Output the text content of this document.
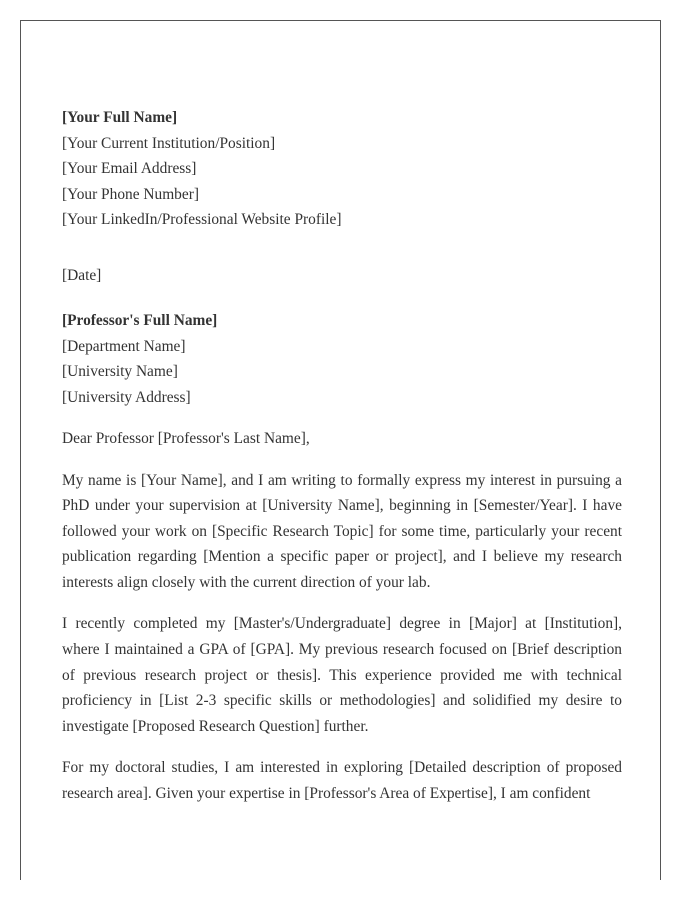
[Your Full Name]
[Your Current Institution/Position]
[Your Email Address]
[Your Phone Number]
[Your LinkedIn/Professional Website Profile]
[Date]
[Professor's Full Name]
[Department Name]
[University Name]
[University Address]

Dear Professor [Professor's Last Name],

My name is [Your Name], and I am writing to formally express my interest in pursuing a PhD under your supervision at [University Name], beginning in [Semester/Year]. I have followed your work on [Specific Research Topic] for some time, particularly your recent publication regarding [Mention a specific paper or project], and I believe my research interests align closely with the current direction of your lab.

I recently completed my [Master's/Undergraduate] degree in [Major] at [Institution], where I maintained a GPA of [GPA]. My previous research focused on [Brief description of previous research project or thesis]. This experience provided me with technical proficiency in [List 2-3 specific skills or methodologies] and solidified my desire to investigate [Proposed Research Question] further.

For my doctoral studies, I am interested in exploring [Detailed description of proposed research area]. Given your expertise in [Professor's Area of Expertise], I am confident
